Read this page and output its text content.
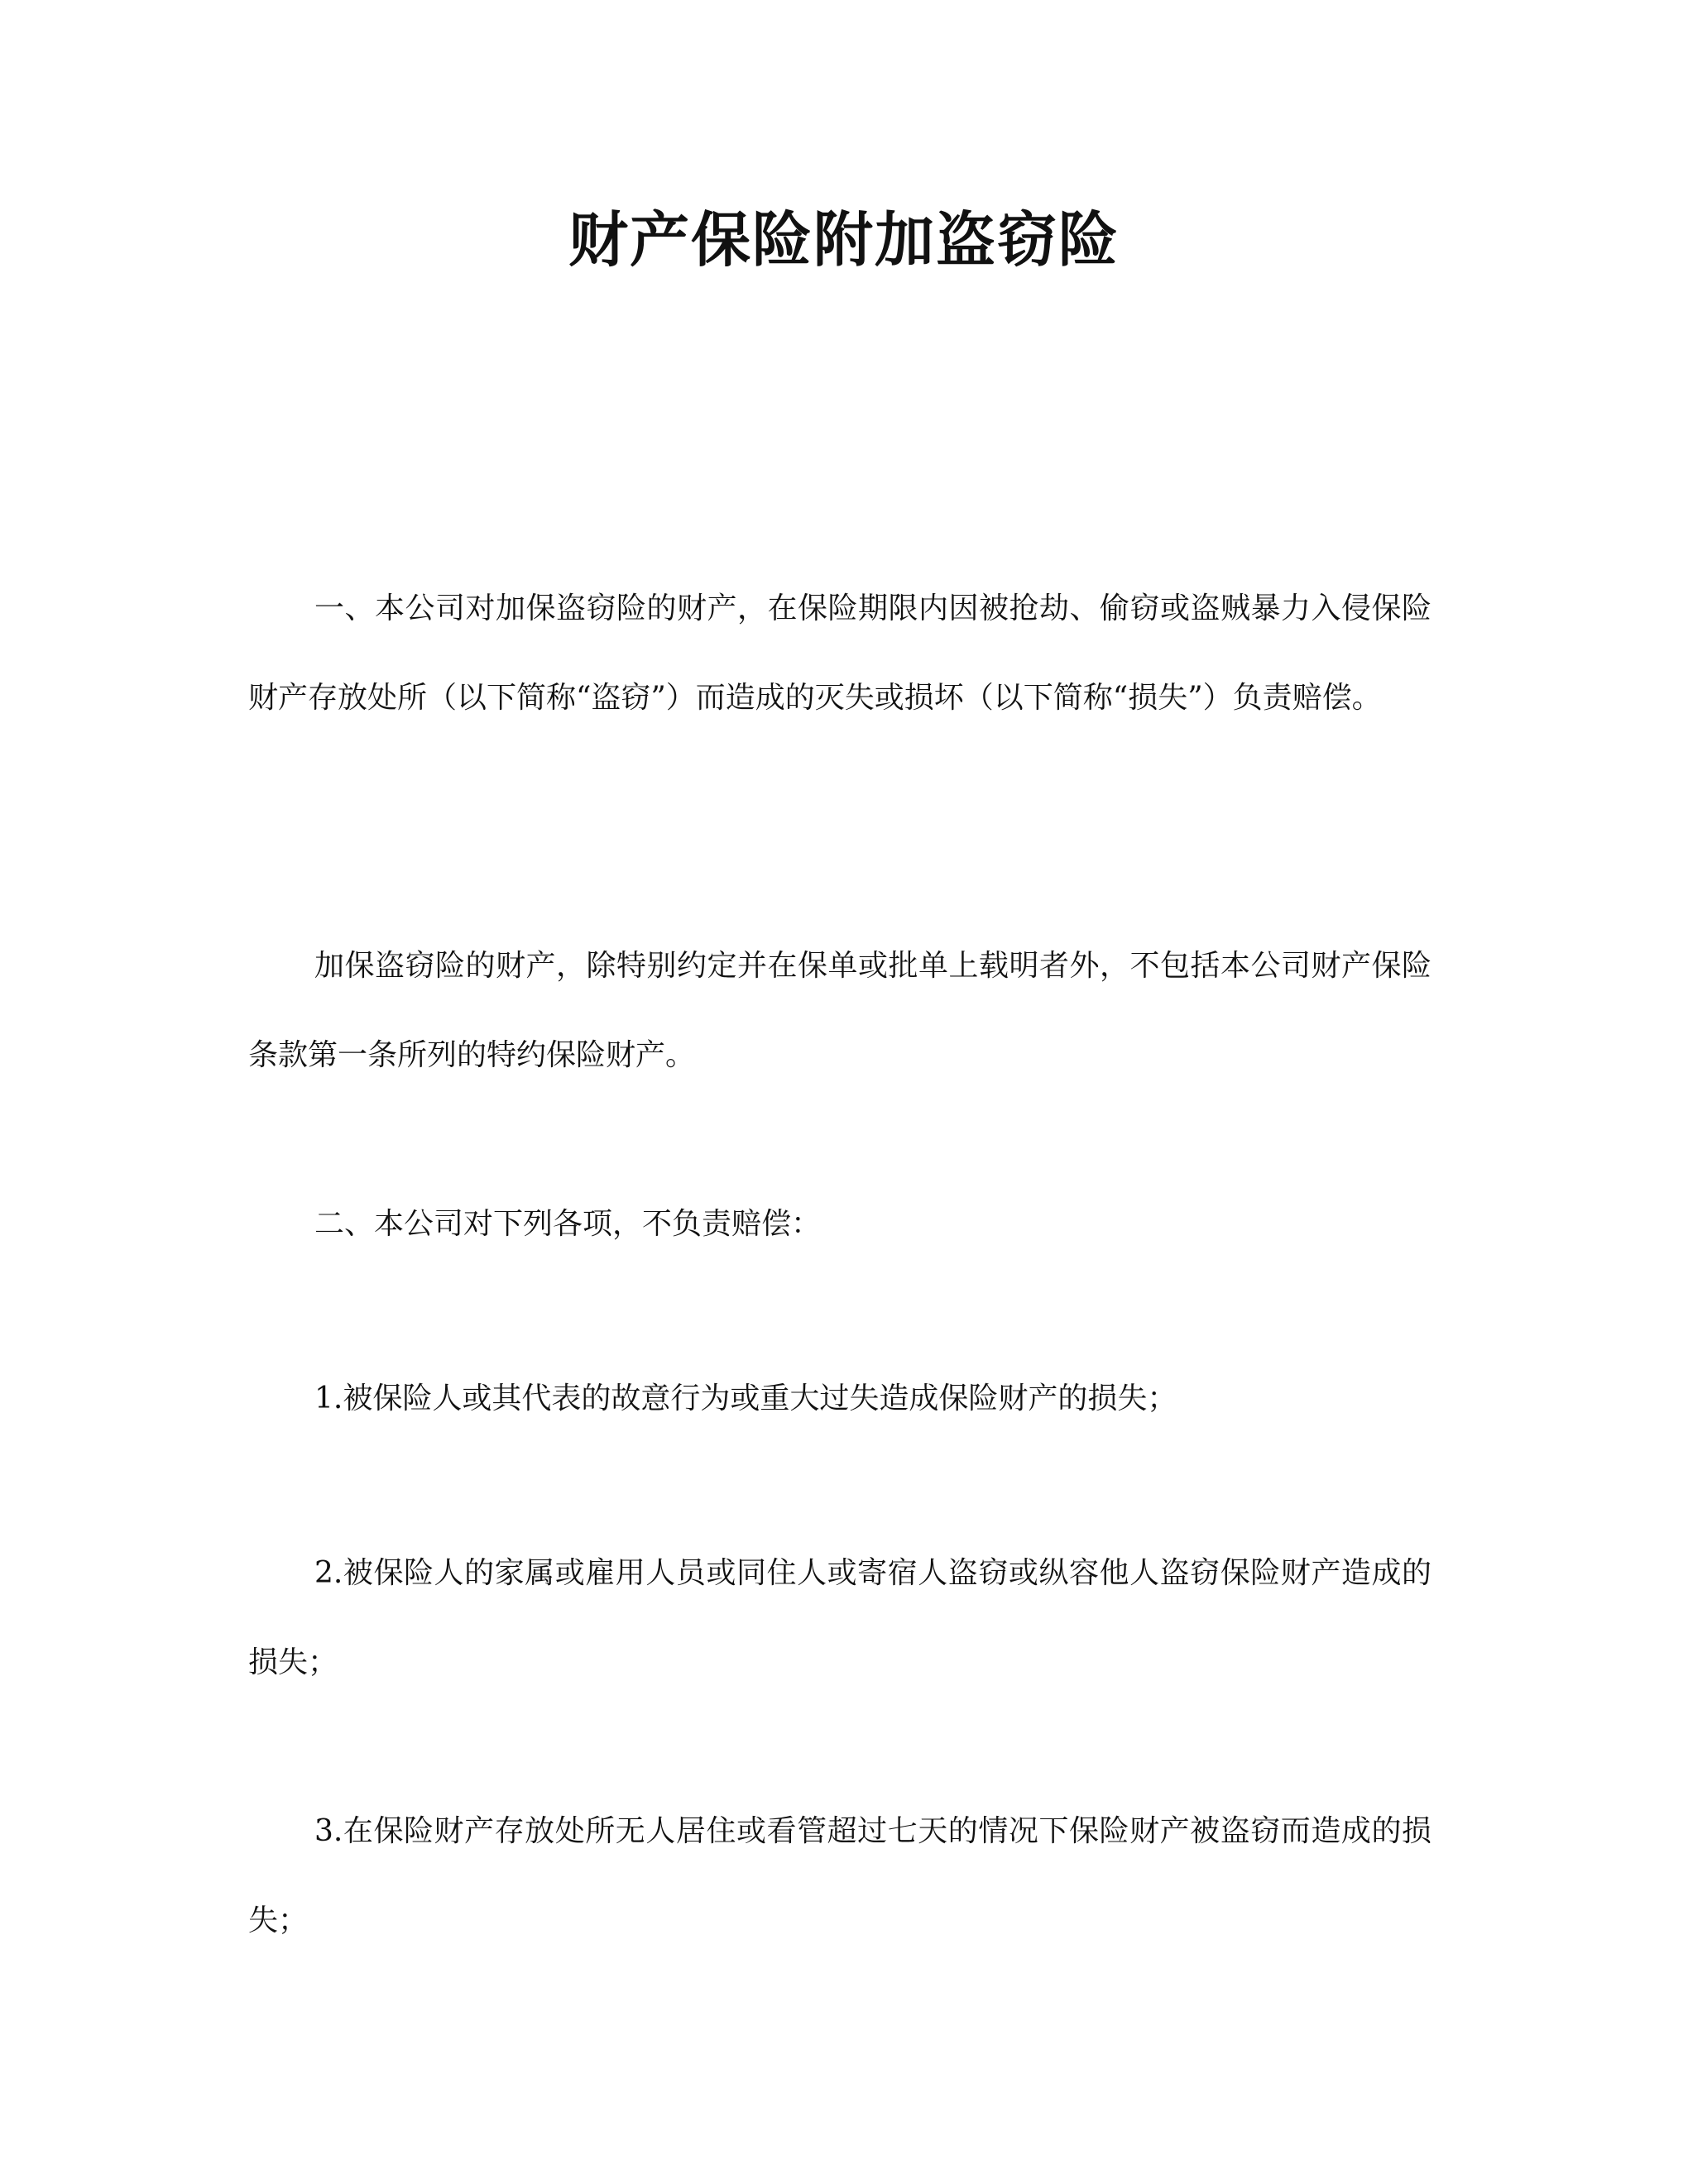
财产保险附加盗窃险

一、本公司对加保盗窃险的财产，在保险期限内因被抢劫、偷窃或盗贼暴力入侵保险财产存放处所（以下简称“盗窃”）而造成的灭失或损坏（以下简称“损失”）负责赔偿。

加保盗窃险的财产，除特别约定并在保单或批单上载明者外，不包括本公司财产保险条款第一条所列的特约保险财产。

二、本公司对下列各项，不负责赔偿：

1.被保险人或其代表的故意行为或重大过失造成保险财产的损失；

2.被保险人的家属或雇用人员或同住人或寄宿人盗窃或纵容他人盗窃保险财产造成的损失；

3.在保险财产存放处所无人居住或看管超过七天的情况下保险财产被盗窃而造成的损失；
